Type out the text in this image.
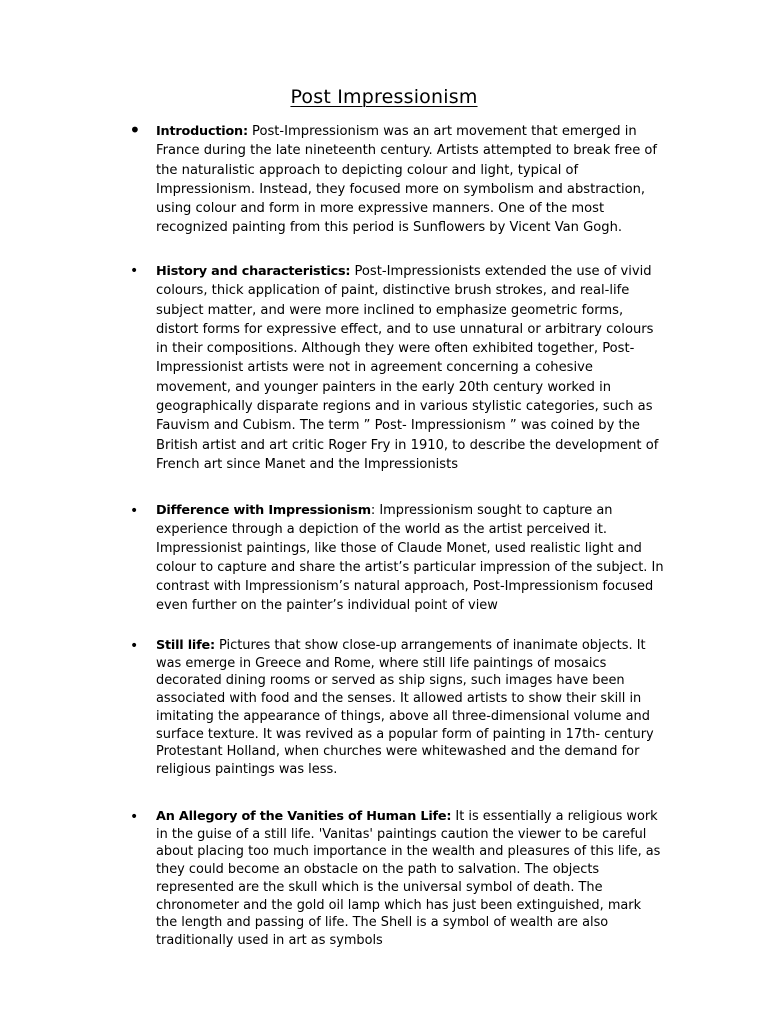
Post Impressionism

• Introduction: Post-Impressionism was an art movement that emerged in France during the late nineteenth century. Artists attempted to break free of the naturalistic approach to depicting colour and light, typical of Impressionism. Instead, they focused more on symbolism and abstraction, using colour and form in more expressive manners. One of the most recognized painting from this period is Sunflowers by Vicent Van Gogh.

• History and characteristics: Post-Impressionists extended the use of vivid colours, thick application of paint, distinctive brush strokes, and real-life subject matter, and were more inclined to emphasize geometric forms, distort forms for expressive effect, and to use unnatural or arbitrary colours in their compositions. Although they were often exhibited together, Post-Impressionist artists were not in agreement concerning a cohesive movement, and younger painters in the early 20th century worked in geographically disparate regions and in various stylistic categories, such as Fauvism and Cubism. The term ” Post- Impressionism ” was coined by the British artist and art critic Roger Fry in 1910, to describe the development of French art since Manet and the Impressionists

• Difference with Impressionism: Impressionism sought to capture an experience through a depiction of the world as the artist perceived it. Impressionist paintings, like those of Claude Monet, used realistic light and colour to capture and share the artist’s particular impression of the subject. In contrast with Impressionism’s natural approach, Post-Impressionism focused even further on the painter’s individual point of view

• Still life: Pictures that show close-up arrangements of inanimate objects. It was emerge in Greece and Rome, where still life paintings of mosaics decorated dining rooms or served as ship signs, such images have been associated with food and the senses. It allowed artists to show their skill in imitating the appearance of things, above all three-dimensional volume and surface texture. It was revived as a popular form of painting in 17th- century Protestant Holland, when churches were whitewashed and the demand for religious paintings was less.

• An Allegory of the Vanities of Human Life: It is essentially a religious work in the guise of a still life. 'Vanitas' paintings caution the viewer to be careful about placing too much importance in the wealth and pleasures of this life, as they could become an obstacle on the path to salvation. The objects represented are the skull which is the universal symbol of death. The chronometer and the gold oil lamp which has just been extinguished, mark the length and passing of life. The Shell is a symbol of wealth are also traditionally used in art as symbols
